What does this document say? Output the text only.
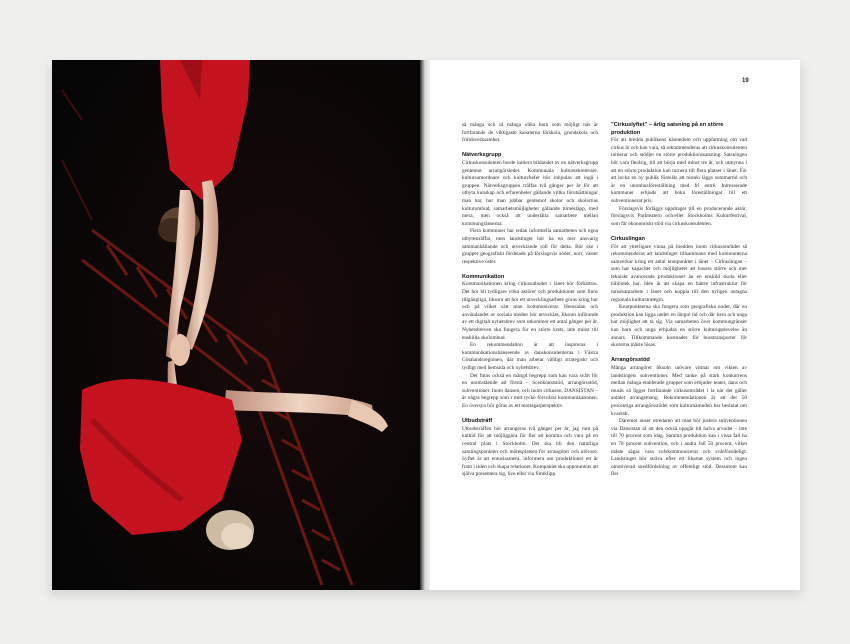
19

så många och så många olika barn som möjligt nås är fortfarande de viktigaste kanalerna förskola, grundskola och fritidsverksamhet.

Nätverksgrupp

Cirkuskonsulenten borde initiera bildandet av en nätverksgrupp gentemot arrangörsledet. Kommunala kultursekreterare, kultursamordnare och kulturchefer bör inbjudas att ingå i gruppen. Nätverksgruppen träffas två gånger per år för att utbyta kunskap och erfarenheter gällande villka förutsättningar man har, hur man jobbar gentemot skolor och skolornas kulturombud, samarbetsmöjligheter gällande turnésläpp, med mera, men också att underlätta samarbete mellan kommungränserna.

Flera kommuner har redan informella samarbeten och egna utbytesträffar, men landstinget bör ha en mer ansvarig sammanhållande och utvecklande roll för detta. Bör ske i grupper geografiskt fördelade på förslagsvis söder, norr, väster respektive öster.

Kommunikation

Kommunikationen kring cirkusutbudet i länet bör förbättras. Det bör bli tydligare vilka aktörer och produktioner som finns tillgängliga, liksom att bör ett utvecklingsarbete göras kring hur och på vilket sätt man kommunicerar. Hemsidan och användandet av sociala medier bör utvecklas, liksom införande av ett digitalt nyhetsbrev som utkommer ett antal gånger per år. Nyhetsbreven ska fungera för en större krets, inte minst till enskilda skolombud.

En rekommendation är att inspireras i kommunikationshänseende av danskonsulenterna i Västra Götalandsregionen, där man arbetar väldigt strategiskt och tydligt med hemsida och nyhetsbrev.

Det finns också en mängd begrepp som kan vara svårt för en utomstående att förstå – Scenkonststöd, arrangörsstöd, subventioner. Inom dansen, och inom cirkusen, DANSISTAN – är några begrepp som i mitt tycke försvårar kommunikationen. En översyn bör göras av ett mottagarperspektiv.

Utbudsträff

Utbudsträffen bör arrangeras två gånger per år, jag rum på kalltid för att möjliggöra för fler att komma och vara på en central plats i Stockholm. Det ska bli den naturliga samlingspunkten och mötesplatsen för arrangörer och utövare. Syftet är att entusiasmera, informera om produktioner ett år fram i tiden och skapa relationer. Kompaniet ska uppmuntras att själva presentera sig, live eller via filmklipp.

”Cirkuslyftet” – årlig satsning på en större produktion

För att bredda publikens kännedom och uppfattning om vad cirkus är och kan vara, så rekommenderas att cirkuskonsulenten initierar och stödjer en större produktionssatsning. Satsningen bör vara flerårig, till att börja med minst tre år, och utmynna i att en större produktion kan turnera till flera platser i länet. För att locka en ny publik föreslås att turnén läggs sommartid och är en utomhusföreställning med fri entré. Intresserade kommuner erbjuds att boka föreställningar till ett subventionerat pris.

Förslagsvis förläggs uppdraget till en producerande aktör, förslagsvis Parkteatern och/eller Stockholms Kulturfestival, som får ekonomiskt stöd via cirkuskonsulenten.

Cirkuslingan

För att ytterligare vinna på bredden inom cirkusområdet så rekommenderas att landstinget tillsammans med kommunerna samverkar kring ett antal knutpunkter i länet – Cirkuslingan – som har kapacitet och möjligheter att huserа större och mer tekniskt avancerade produktioner än en enskild skola eller bibliotek har. Idén är att skapa en bättre infrastruktur för turnésamarbete i länet och koppla till den nyligen antagna regionala kulturstrategin.

Knutpunkterna ska fungera som geografiska noder, där en produktion kan ligga under en längre tid och där barn och unga har möjlighet att ta sig. Via samarbeten över kommungränser kan barn och unga erbjudas en större kulturupplevelse än annars. Tillkommande kostnader för busstransporter för skolorna måste lösas.

Arrangörsstöd

Många arrangörer liksom utövare vittnar om vikten av landstingets subventioner. Med tanke på stark konkurrens mellan många etablerade grupper som erbjuder teater, dans och musik så ligger fortfarande cirkusområdet i la när det gäller antalet arrangemang. Rekommendationen är att det 50 procentiga arrangörsstödet som kulturnämnden har beslutat om kvarstår.

Däremot anser utredaren att man bör justera subventionen via Dansistan så att den också uppgår till halva arvodet – inte till 70 procent som idag. Samma produktion kan i vissa fall ha en 70 procent subvention, och i andra fall 50 procent, vilket måste sägas vara svårkommunicerat och svårförståeligt. Landstinget bör sträva efter ett likartat system och ingen omotiverad snedfördelning av offentligt stöd. Dessutom kan fler
